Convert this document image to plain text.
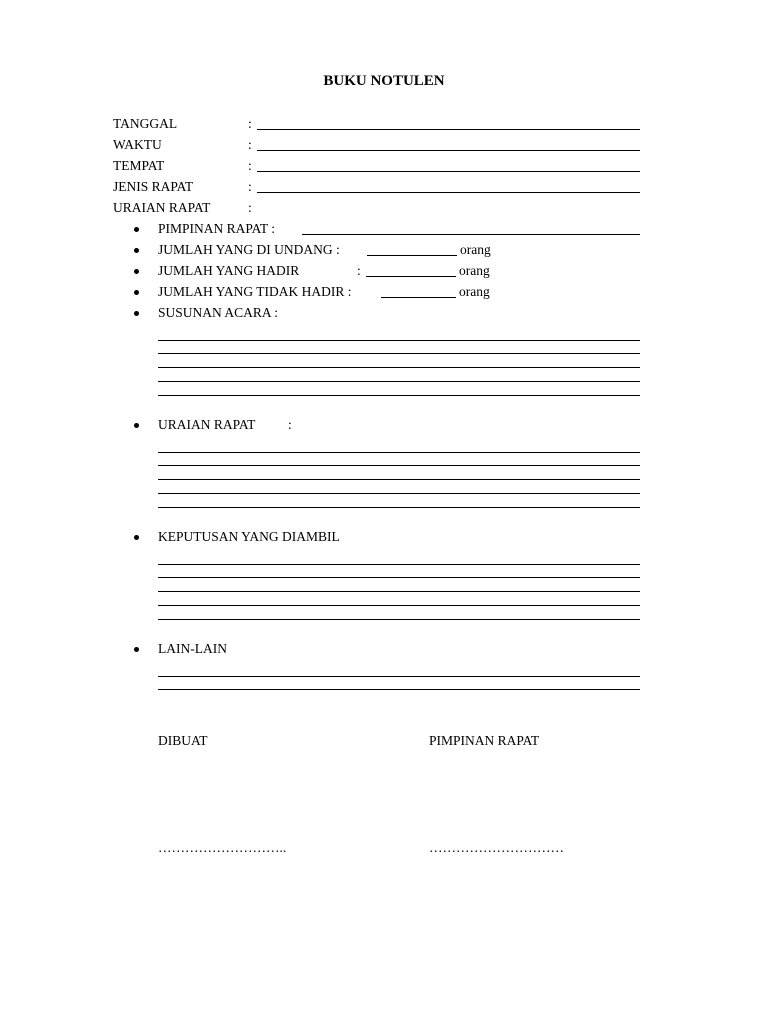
BUKU NOTULEN
TANGGAL	:
WAKTU	:
TEMPAT	:
JENIS RAPAT	:
URAIAN RAPAT	:
PIMPINAN RAPAT :
JUMLAH YANG DI UNDANG :	orang
JUMLAH YANG HADIR	:	orang
JUMLAH YANG TIDAK HADIR :	orang
SUSUNAN ACARA :
URAIAN RAPAT :
KEPUTUSAN YANG DIAMBIL
LAIN-LAIN
DIBUAT	PIMPINAN RAPAT
………………………..	…………………………
